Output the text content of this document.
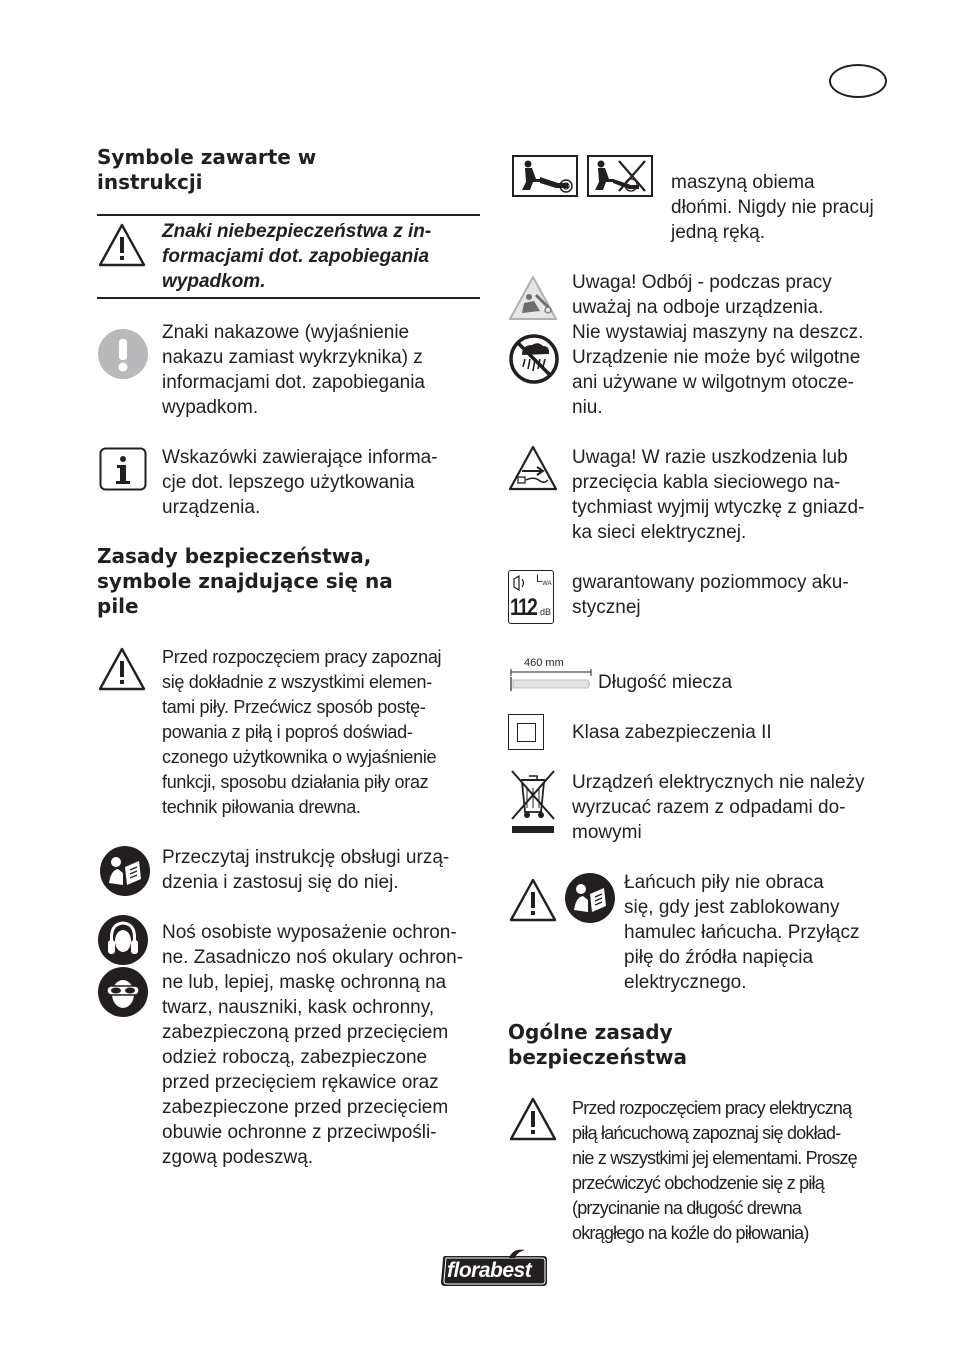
Symbole zawarte w
instrukcji
Znaki niebezpieczeństwa z in-
formacjami dot. zapobiegania
wypadkom.
Znaki nakazowe (wyjaśnienie
nakazu zamiast wykrzyknika) z
informacjami dot. zapobiegania
wypadkom.
Wskazówki zawierające informa-
cje dot. lepszego użytkowania
urządzenia.
Zasady bezpieczeństwa,
symbole znajdujące się na
pile
Przed rozpoczęciem pracy zapoznaj
się dokładnie z wszystkimi elemen-
tami piły. Przećwicz sposób postę-
powania z piłą i poproś doświad-
czonego użytkownika o wyjaśnienie
funkcji, sposobu działania piły oraz
technik piłowania drewna.
Przeczytaj instrukcję obsługi urzą-
dzenia i zastosuj się do niej.
Noś osobiste wyposażenie ochron-
ne. Zasadniczo noś okulary ochron-
ne lub, lepiej, maskę ochronną na
twarz, nauszniki, kask ochronny,
zabezpieczoną przed przecięciem
odzież roboczą, zabezpieczone
przed przecięciem rękawice oraz
zabezpieczone przed przecięciem
obuwie ochronne z przeciwpośli-
zgową podeszwą.
maszyną obiema
dłońmi. Nigdy nie pracuj
jedną ręką.
Uwaga! Odbój - podczas pracy
uważaj na odboje urządzenia.
Nie wystawiaj maszyny na deszcz.
Urządzenie nie może być wilgotne
ani używane w wilgotnym otocze-
niu.
Uwaga! W razie uszkodzenia lub
przecięcia kabla sieciowego na-
tychmiast wyjmij wtyczkę z gniazd-
ka sieci elektrycznej.
$L_{WA}$
112 dB
gwarantowany poziommocy aku-
stycznej
460 mm
Długość miecza
Klasa zabezpieczenia II
Urządzeń elektrycznych nie należy
wyrzucać razem z odpadami do-
mowymi
Łańcuch piły nie obraca
się, gdy jest zablokowany
hamulec łańcucha. Przyłącz
piłę do źródła napięcia
elektrycznego.
Ogólne zasady
bezpieczeństwa
Przed rozpoczęciem pracy elektryczną
piłą łańcuchową zapoznaj się dokład-
nie z wszystkimi jej elementami. Proszę
przećwiczyć obchodzenie się z piłą
(przycinanie na długość drewna
okrągłego na koźle do piłowania)
florabest
